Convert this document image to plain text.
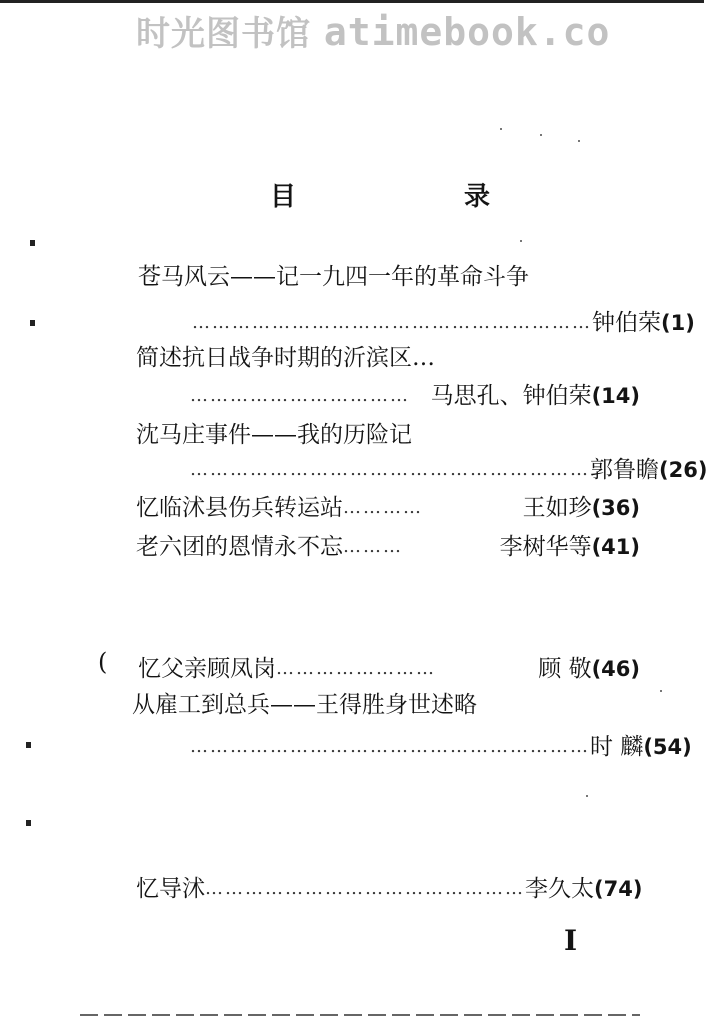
时光图书馆 atimebook.co
目	录
苍马风云——记一九四一年的革命斗争
…………………………………………………… 钟伯荣 (1)
简述抗日战争时期的沂滨区…
…………………………… 马思孔、钟伯荣 (14)
沈马庄事件——我的历险记
…………………………………………………… 郭鲁瞻 (26)
忆临沭县伤兵转运站 …………	王如珍 (36)
老六团的恩情永不忘 ………	李树华等 (41)
忆父亲顾凤岗 ……………………	顾 敬 (46)
从雇工到总兵——王得胜身世述略
…………………………………………………… 时 麟 (54)
忆导沭 ………………………………………… 李久太 (74)
(
I
